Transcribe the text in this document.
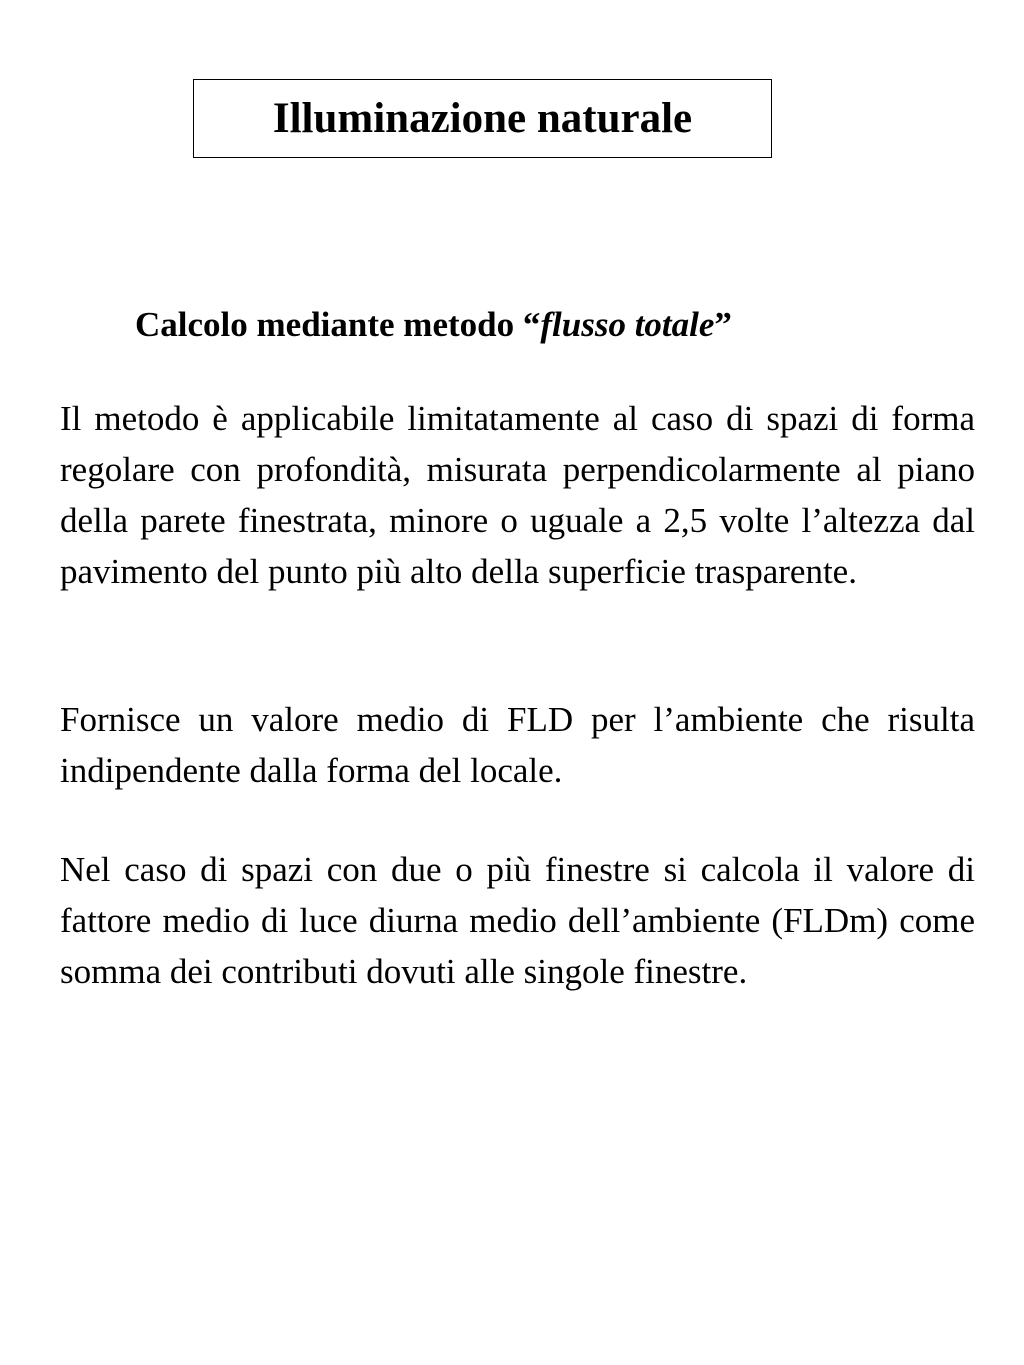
Illuminazione naturale
Calcolo mediante metodo “flusso totale”
Il metodo è applicabile limitatamente al caso di spazi di forma regolare con profondità, misurata perpendicolarmente al piano della parete finestrata, minore o uguale a 2,5 volte l’altezza dal pavimento del punto più alto della superficie trasparente.
Fornisce un valore medio di FLD per l’ambiente che risulta indipendente dalla forma del locale.
Nel caso di spazi con due o più finestre si calcola il valore di fattore medio di luce diurna medio dell’ambiente (FLDm) come somma dei contributi dovuti alle singole finestre.
